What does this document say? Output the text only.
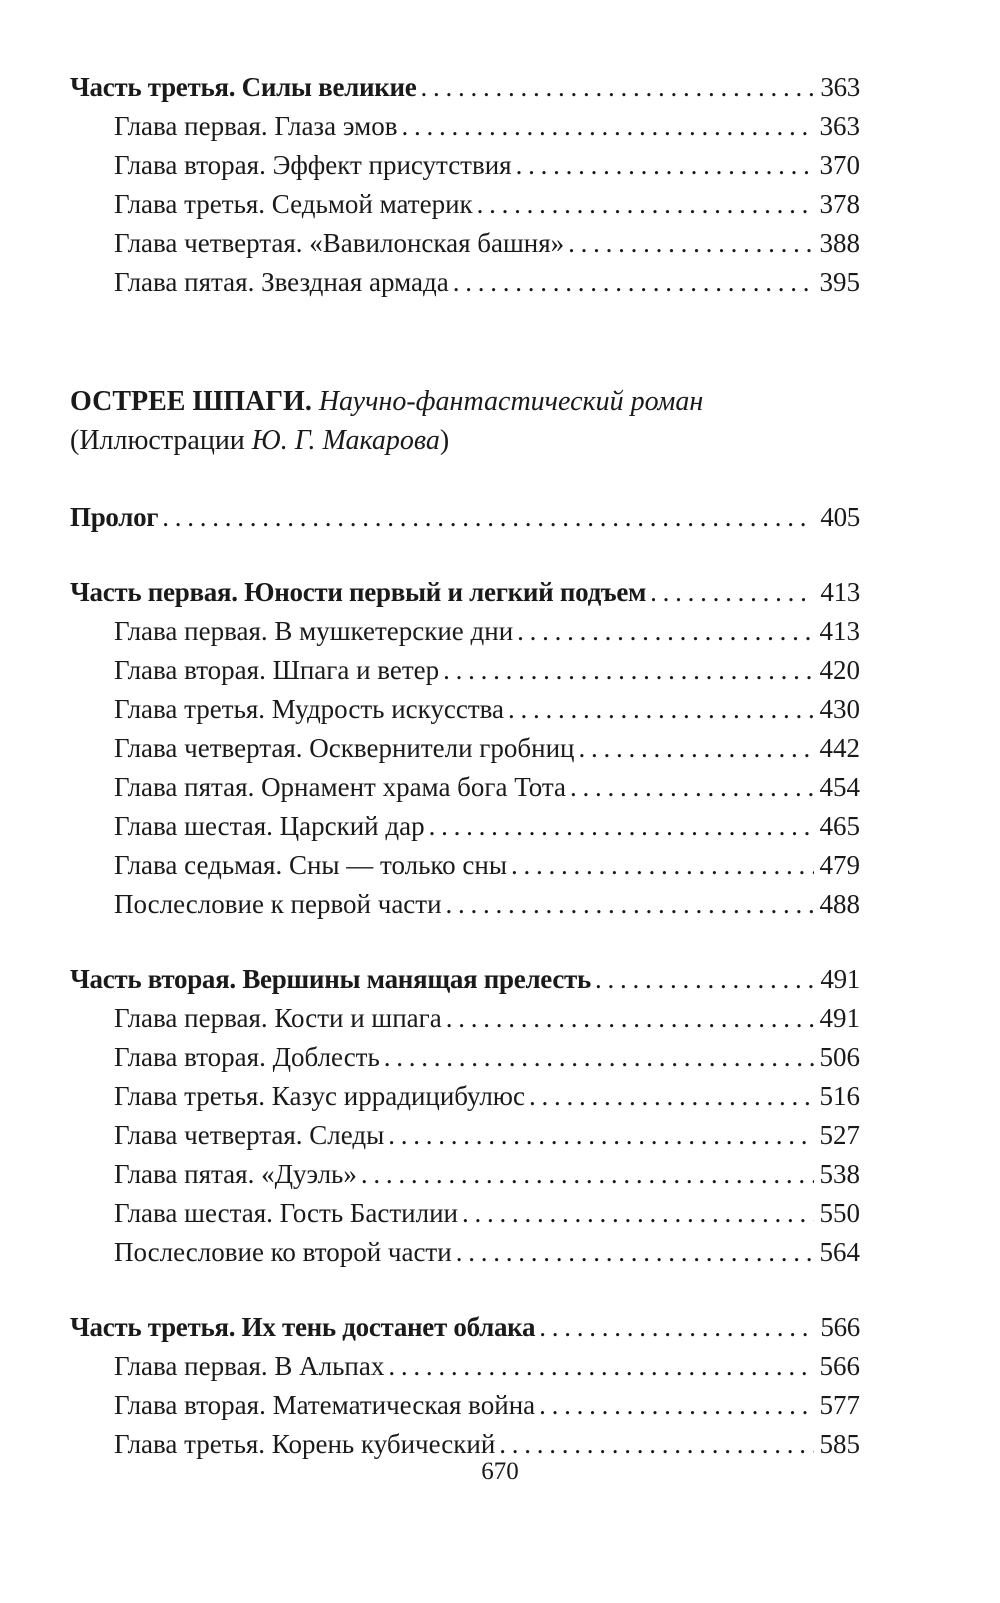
Часть третья. Силы великие . . .	363
Глава первая. Глаза эмов . . .	363
Глава вторая. Эффект присутствия . . .	370
Глава третья. Седьмой материк . . .	378
Глава четвертая. «Вавилонская башня» . . .	388
Глава пятая. Звездная армада . . .	395
ОСТРЕЕ ШПАГИ. Научно-фантастический роман
(Иллюстрации Ю. Г. Макарова)
Пролог . . .	405
Часть первая. Юности первый и легкий подъем . . .	413
Глава первая. В мушкетерские дни . . .	413
Глава вторая. Шпага и ветер . . .	420
Глава третья. Мудрость искусства . . .	430
Глава четвертая. Осквернители гробниц . . .	442
Глава пятая. Орнамент храма бога Тота . . .	454
Глава шестая. Царский дар . . .	465
Глава седьмая. Сны — только сны . . .	479
Послесловие к первой части . . .	488
Часть вторая. Вершины манящая прелесть . . .	491
Глава первая. Кости и шпага . . .	491
Глава вторая. Доблесть . . .	506
Глава третья. Казус иррадицибулюс . . .	516
Глава четвертая. Следы . . .	527
Глава пятая. «Дуэль» . . .	538
Глава шестая. Гость Бастилии . . .	550
Послесловие ко второй части . . .	564
Часть третья. Их тень достанет облака . . .	566
Глава первая. В Альпах . . .	566
Глава вторая. Математическая война . . .	577
Глава третья. Корень кубический . . .	585
670
